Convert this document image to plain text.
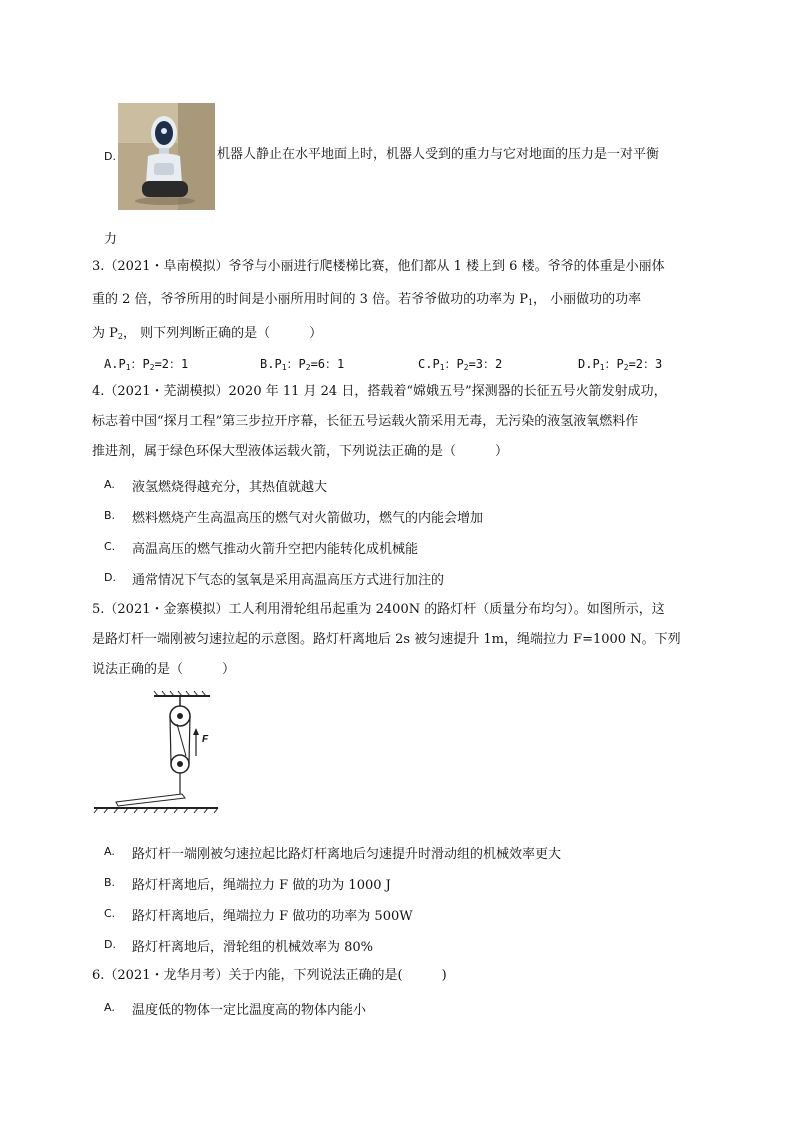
D.	机器人静止在水平地面上时，机器人受到的重力与它对地面的压力是一对平衡
力
3.（2021・阜南模拟）爷爷与小丽进行爬楼梯比赛，他们都从 1 楼上到 6 楼。爷爷的体重是小丽体
重的 2 倍，爷爷所用的时间是小丽所用时间的 3 倍。若爷爷做功的功率为 $P_1$， 小丽做功的功率
为 $P_2$， 则下列判断正确的是（　　　）
$A.P_1$：$P_2=2$：1	$B.P_1$：$P_2=6$：1	$C.P_1$：$P_2=3$：2	$D.P_1$：$P_2=2$：3
4.（2021・芜湖模拟）2020 年 11 月 24 日，搭载着“嫦娥五号”探测器的长征五号火箭发射成功，
标志着中国“探月工程”第三步拉开序幕，长征五号运载火箭采用无毒，无污染的液氢液氧燃料作
推进剂，属于绿色环保大型液体运载火箭，下列说法正确的是（　　　）
A. 液氢燃烧得越充分，其热值就越大
B. 燃料燃烧产生高温高压的燃气对火箭做功，燃气的内能会增加
C. 高温高压的燃气推动火箭升空把内能转化成机械能
D. 通常情况下气态的氢氧是采用高温高压方式进行加注的
5.（2021・金寨模拟）工人利用滑轮组吊起重为 2400N 的路灯杆（质量分布均匀）。如图所示，这
是路灯杆一端刚被匀速拉起的示意图。路灯杆离地后 2s 被匀速提升 1m，绳端拉力 F=1000 N。下列
说法正确的是（　　　）
F
A. 路灯杆一端刚被匀速拉起比路灯杆离地后匀速提升时滑动组的机械效率更大
B. 路灯杆离地后，绳端拉力 F 做的功为 1000 J
C. 路灯杆离地后，绳端拉力 F 做功的功率为 500W
D. 路灯杆离地后，滑轮组的机械效率为 80%
6.（2021・龙华月考）关于内能，下列说法正确的是(　　　)
A. 温度低的物体一定比温度高的物体内能小
